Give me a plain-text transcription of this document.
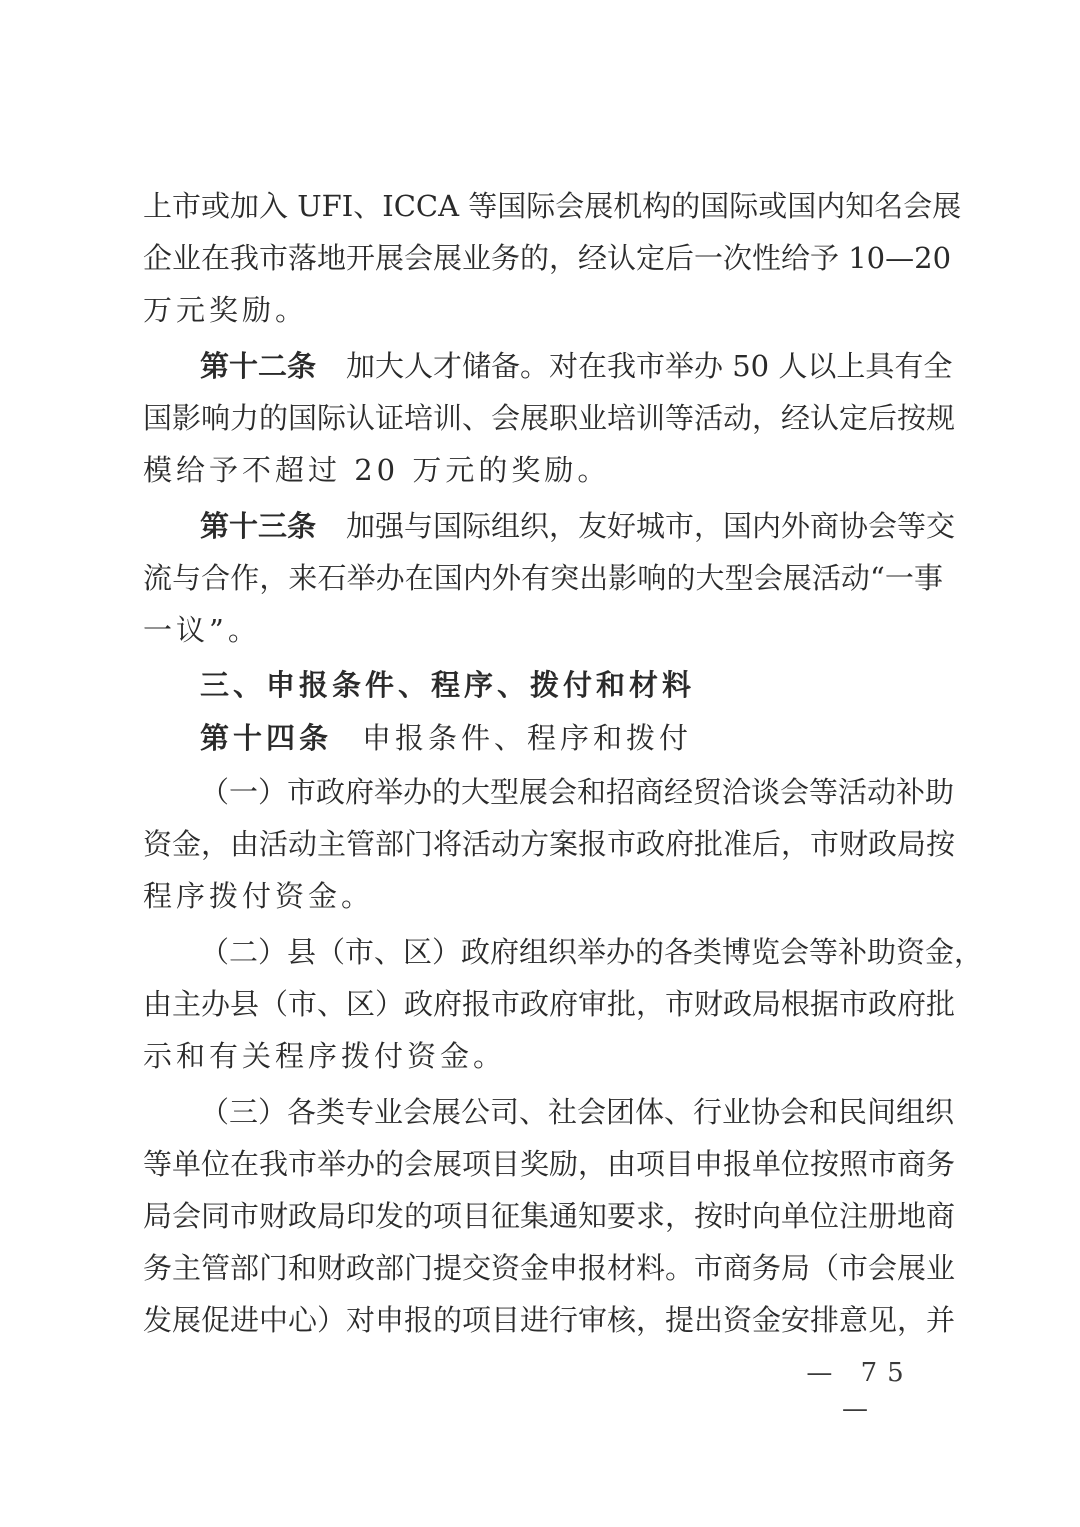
上市或加入 UFI、ICCA 等国际会展机构的国际或国内知名会展
企业在我市落地开展会展业务的，经认定后一次性给予 10—20
万元奖励。
第十二条 加大人才储备。对在我市举办 50 人以上具有全
国影响力的国际认证培训、会展职业培训等活动，经认定后按规
模给予不超过 20 万元的奖励。
第十三条 加强与国际组织，友好城市，国内外商协会等交
流与合作，来石举办在国内外有突出影响的大型会展活动“一事
一议”。
三、申报条件、程序、拨付和材料
第十四条 申报条件、程序和拨付
（一）市政府举办的大型展会和招商经贸洽谈会等活动补助
资金，由活动主管部门将活动方案报市政府批准后，市财政局按
程序拨付资金。
（二）县（市、区）政府组织举办的各类博览会等补助资金，
由主办县（市、区）政府报市政府审批，市财政局根据市政府批
示和有关程序拨付资金。
（三）各类专业会展公司、社会团体、行业协会和民间组织
等单位在我市举办的会展项目奖励，由项目申报单位按照市商务
局会同市财政局印发的项目征集通知要求，按时向单位注册地商
务主管部门和财政部门提交资金申报材料。市商务局（市会展业
发展促进中心）对申报的项目进行审核，提出资金安排意见，并
— 75 —
